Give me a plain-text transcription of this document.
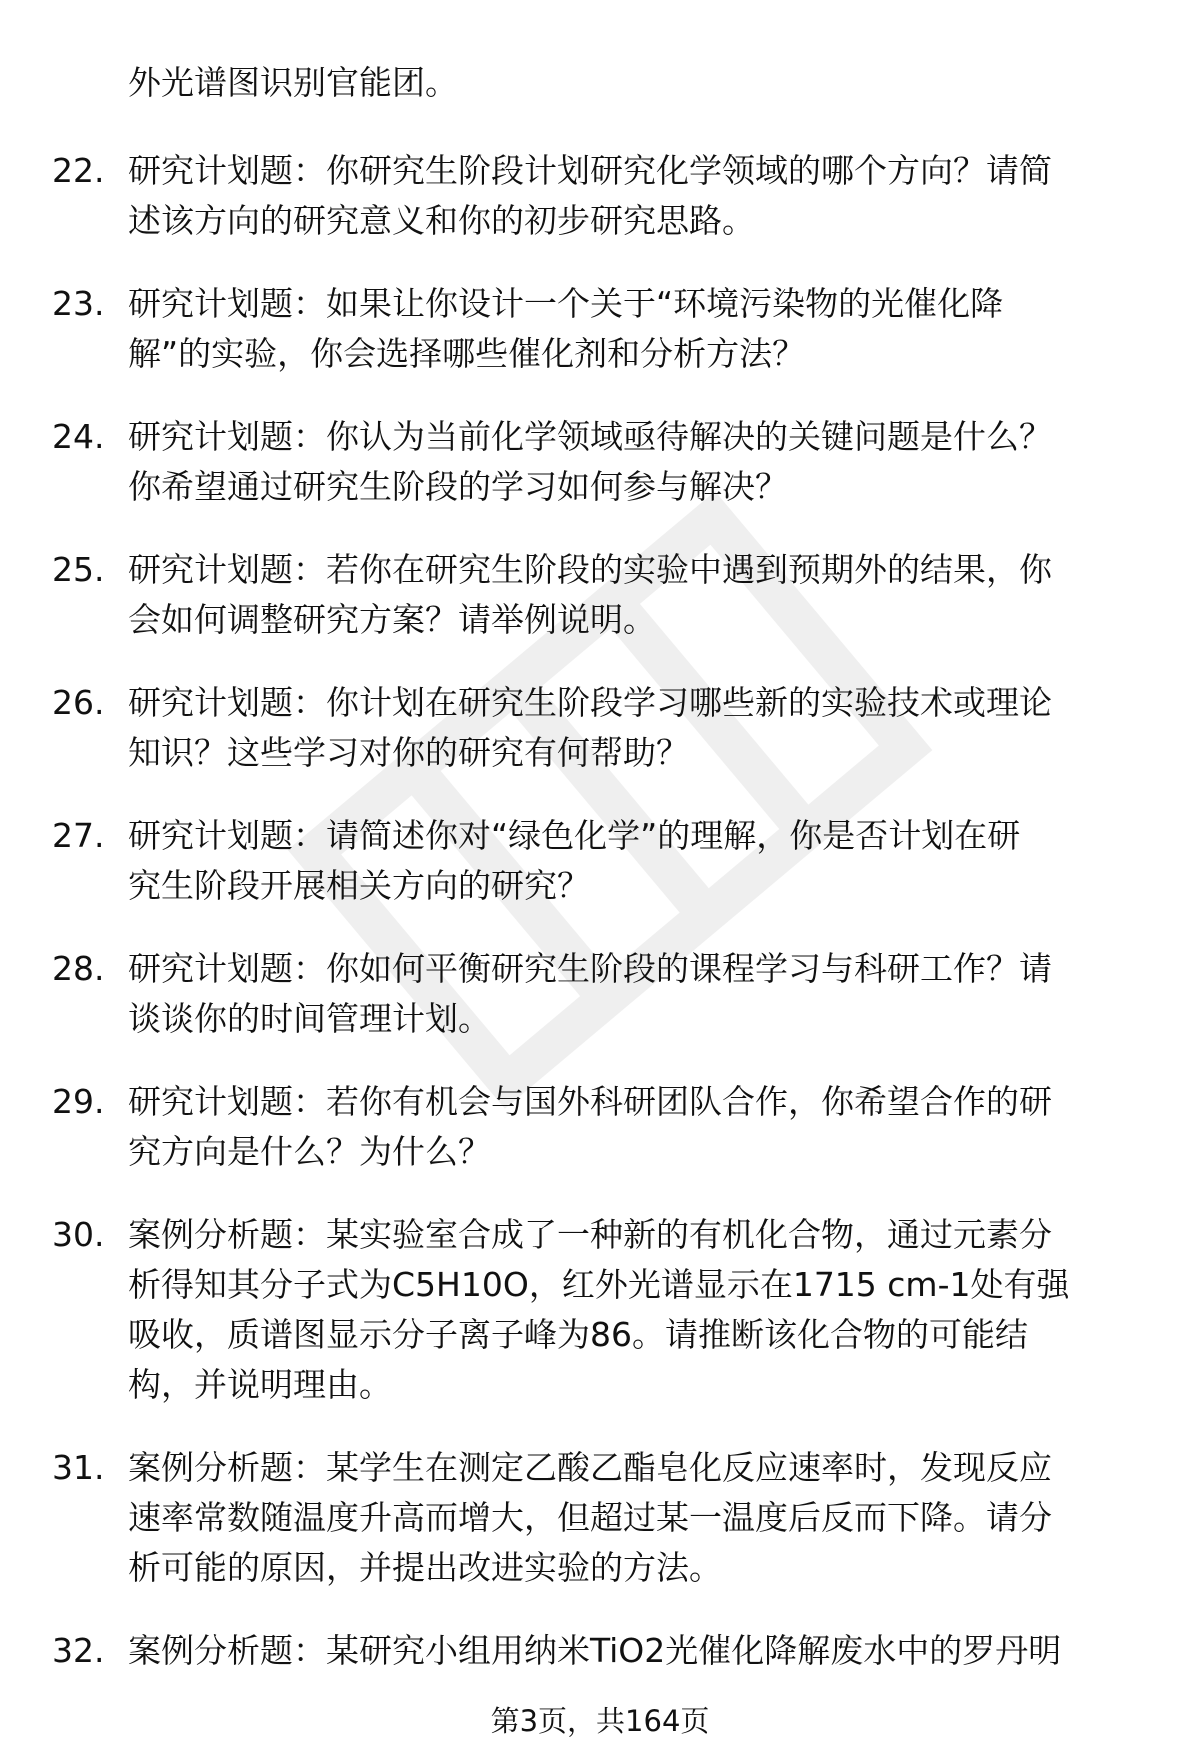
外光谱图识别官能团。
22. 研究计划题：你研究生阶段计划研究化学领域的哪个方向？请简
述该方向的研究意义和你的初步研究思路。
23. 研究计划题：如果让你设计一个关于“环境污染物的光催化降
解”的实验，你会选择哪些催化剂和分析方法？
24. 研究计划题：你认为当前化学领域亟待解决的关键问题是什么？
你希望通过研究生阶段的学习如何参与解决？
25. 研究计划题：若你在研究生阶段的实验中遇到预期外的结果，你
会如何调整研究方案？请举例说明。
26. 研究计划题：你计划在研究生阶段学习哪些新的实验技术或理论
知识？这些学习对你的研究有何帮助？
27. 研究计划题：请简述你对“绿色化学”的理解，你是否计划在研
究生阶段开展相关方向的研究？
28. 研究计划题：你如何平衡研究生阶段的课程学习与科研工作？请
谈谈你的时间管理计划。
29. 研究计划题：若你有机会与国外科研团队合作，你希望合作的研
究方向是什么？为什么？
30. 案例分析题：某实验室合成了一种新的有机化合物，通过元素分
析得知其分子式为C5H10O，红外光谱显示在1715 cm-1处有强
吸收，质谱图显示分子离子峰为86。请推断该化合物的可能结
构，并说明理由。
31. 案例分析题：某学生在测定乙酸乙酯皂化反应速率时，发现反应
速率常数随温度升高而增大，但超过某一温度后反而下降。请分
析可能的原因，并提出改进实验的方法。
32. 案例分析题：某研究小组用纳米TiO2光催化降解废水中的罗丹明
第3页，共164页
